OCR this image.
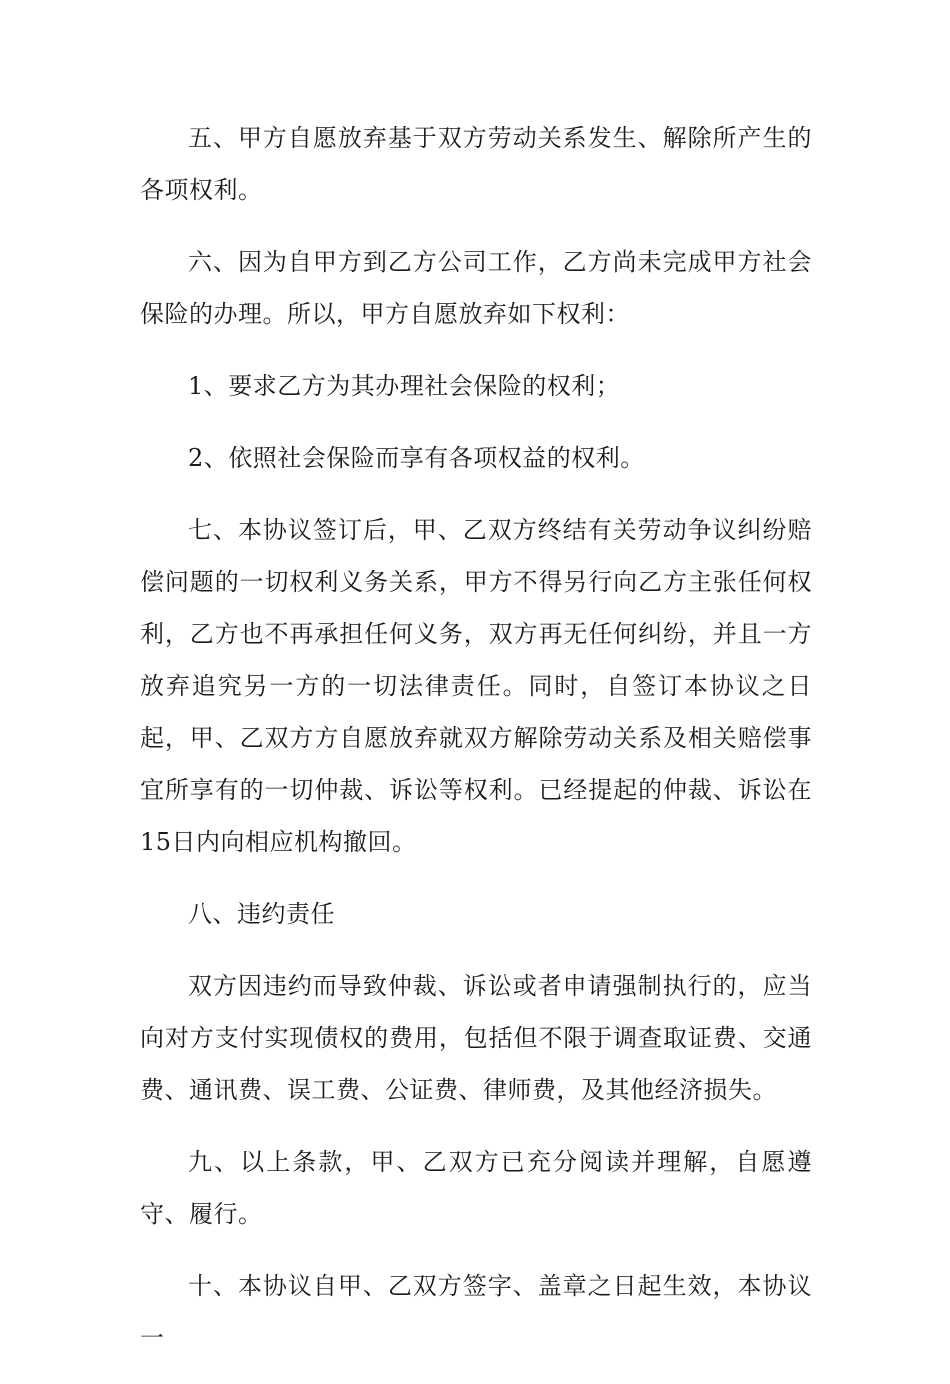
五、甲方自愿放弃基于双方劳动关系发生、解除所产生的各项权利。

六、因为自甲方到乙方公司工作，乙方尚未完成甲方社会保险的办理。所以，甲方自愿放弃如下权利：

1、要求乙方为其办理社会保险的权利；

2、依照社会保险而享有各项权益的权利。

七、本协议签订后，甲、乙双方终结有关劳动争议纠纷赔偿问题的一切权利义务关系，甲方不得另行向乙方主张任何权利，乙方也不再承担任何义务，双方再无任何纠纷，并且一方放弃追究另一方的一切法律责任。同时，自签订本协议之日起，甲、乙双方方自愿放弃就双方解除劳动关系及相关赔偿事宜所享有的一切仲裁、诉讼等权利。已经提起的仲裁、诉讼在15日内向相应机构撤回。

八、违约责任

双方因违约而导致仲裁、诉讼或者申请强制执行的，应当向对方支付实现债权的费用，包括但不限于调查取证费、交通费、通讯费、误工费、公证费、律师费，及其他经济损失。

九、以上条款，甲、乙双方已充分阅读并理解，自愿遵守、履行。

十、本协议自甲、乙双方签字、盖章之日起生效，本协议一
